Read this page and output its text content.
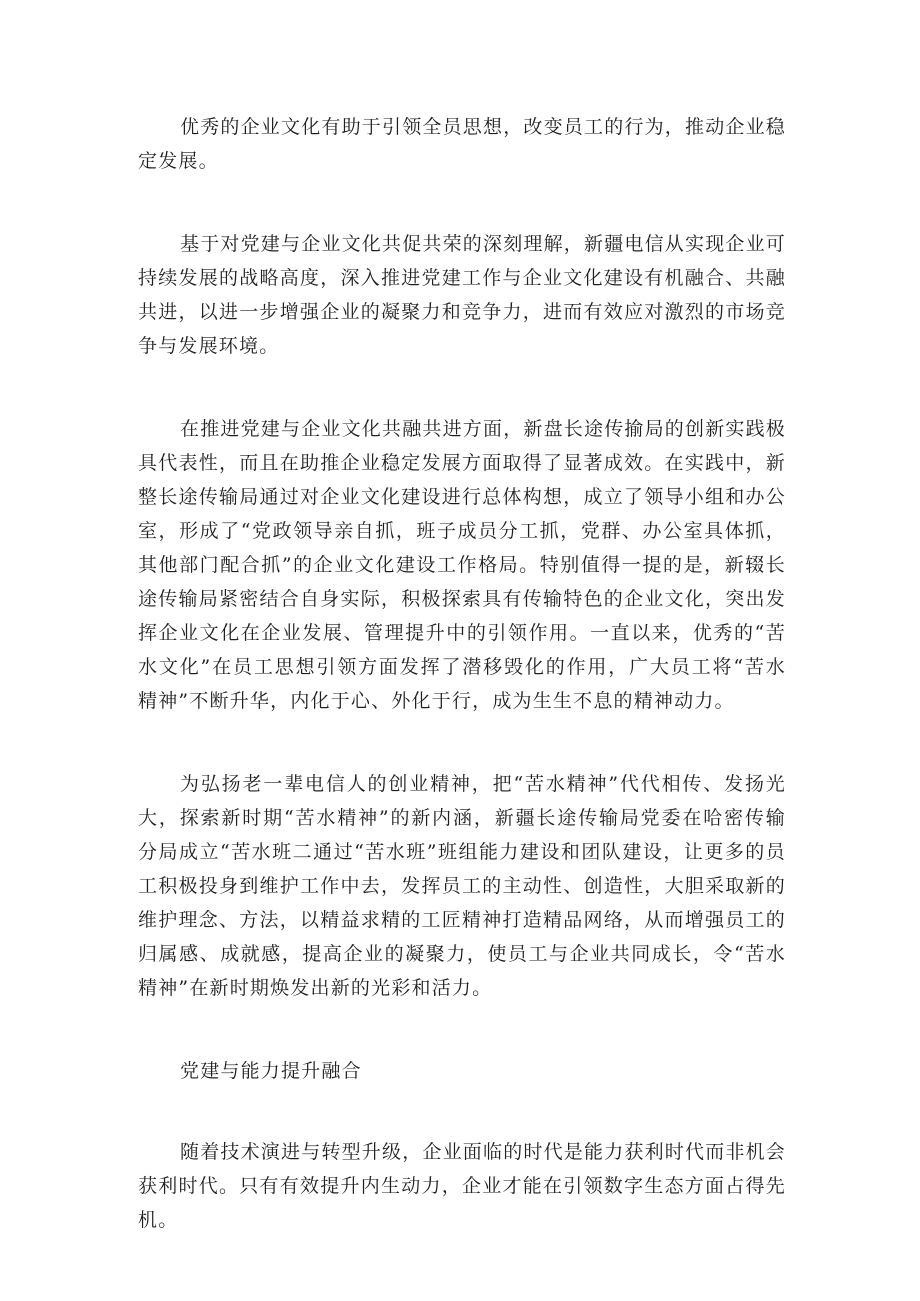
优秀的企业文化有助于引领全员思想，改变员工的行为，推动企业稳定发展。

基于对党建与企业文化共促共荣的深刻理解，新疆电信从实现企业可持续发展的战略高度，深入推进党建工作与企业文化建设有机融合、共融共进，以进一步增强企业的凝聚力和竞争力，进而有效应对激烈的市场竞争与发展环境。

在推进党建与企业文化共融共进方面，新盘长途传揄局的创新实践极具代表性，而且在助推企业稳定发展方面取得了显著成效。在实践中，新整长途传输局通过对企业文化建设进行总体构想，成立了领导小组和办公室，形成了“党政领导亲自抓，班子成员分工抓，党群、办公室具体抓，其他部门配合抓”的企业文化建设工作格局。特别值得一提的是，新辍长途传输局紧密结合自身实际，积极探索具有传输特色的企业文化，突出发挥企业文化在企业发展、管理提升中的引领作用。一直以来，优秀的“苦水文化”在员工思想引领方面发挥了潜移毁化的作用，广大员工将“苦水精神”不断升华，内化于心、外化于行，成为生生不息的精神动力。

为弘扬老一辈电信人的创业精神，把“苦水精神”代代相传、发扬光大，探索新时期“苦水精神”的新内涵，新疆长途传输局党委在哈密传输分局成立“苦水班二通过“苦水班”班组能力建设和团队建设，让更多的员工积极投身到维护工作中去，发挥员工的主动性、创造性，大胆采取新的维护理念、方法，以精益求精的工匠精神打造精品网络，从而增强员工的归属感、成就感，提高企业的凝聚力，使员工与企业共同成长，令“苦水精神”在新时期焕发出新的光彩和活力。

党建与能力提升融合

随着技术演进与转型升级，企业面临的时代是能力获利时代而非机会获利时代。只有有效提升内生动力，企业才能在引领数字生态方面占得先机。
